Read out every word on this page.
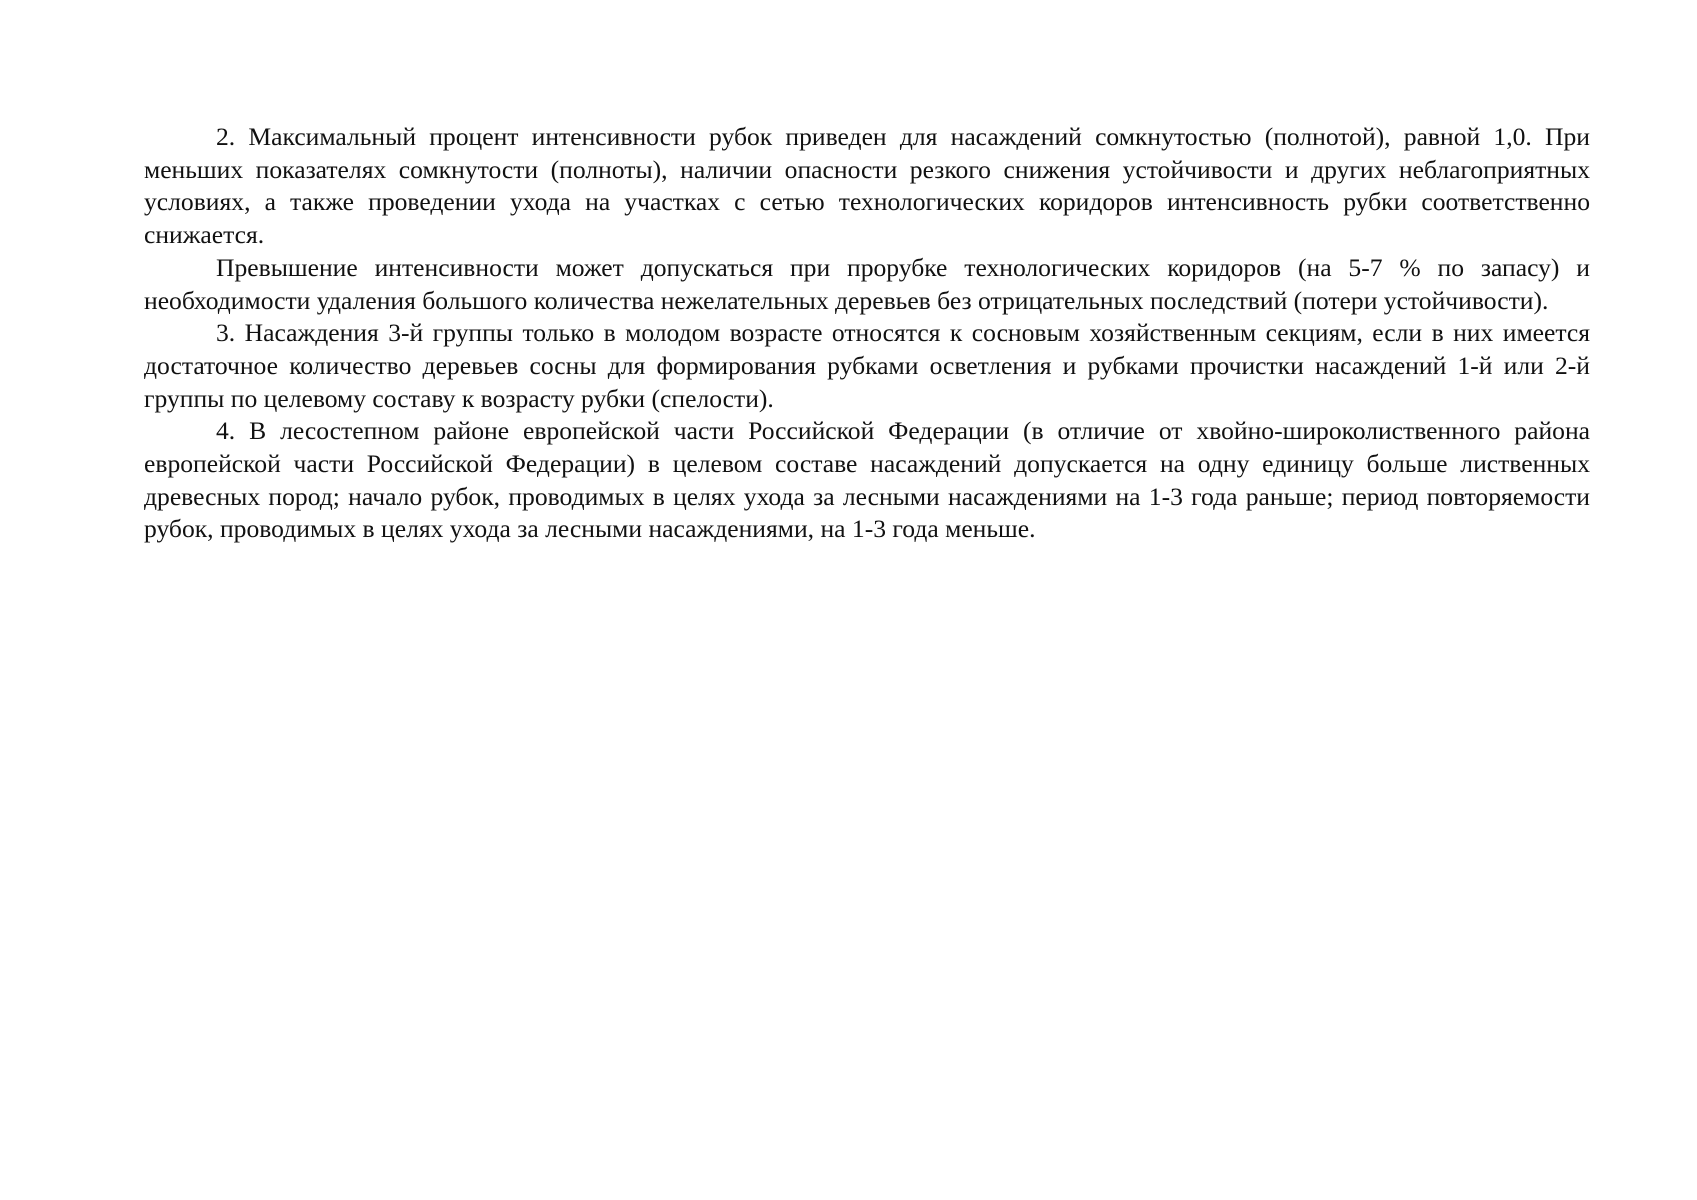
2. Максимальный процент интенсивности рубок приведен для насаждений сомкнутостью (полнотой), равной 1,0. При меньших показателях сомкнутости (полноты), наличии опасности резкого снижения устойчивости и других неблагоприятных условиях, а также проведении ухода на участках с сетью технологических коридоров интенсивность рубки соответственно снижается.

Превышение интенсивности может допускаться при прорубке технологических коридоров (на 5-7 % по запасу) и необходимости удаления большого количества нежелательных деревьев без отрицательных последствий (потери устойчивости).

3. Насаждения 3-й группы только в молодом возрасте относятся к сосновым хозяйственным секциям, если в них имеется достаточное количество деревьев сосны для формирования рубками осветления и рубками прочистки насаждений 1-й или 2-й группы по целевому составу к возрасту рубки (спелости).

4. В лесостепном районе европейской части Российской Федерации (в отличие от хвойно-широколиственного района европейской части Российской Федерации) в целевом составе насаждений допускается на одну единицу больше лиственных древесных пород; начало рубок, проводимых в целях ухода за лесными насаждениями на 1-3 года раньше; период повторяемости рубок, проводимых в целях ухода за лесными насаждениями, на 1-3 года меньше.
